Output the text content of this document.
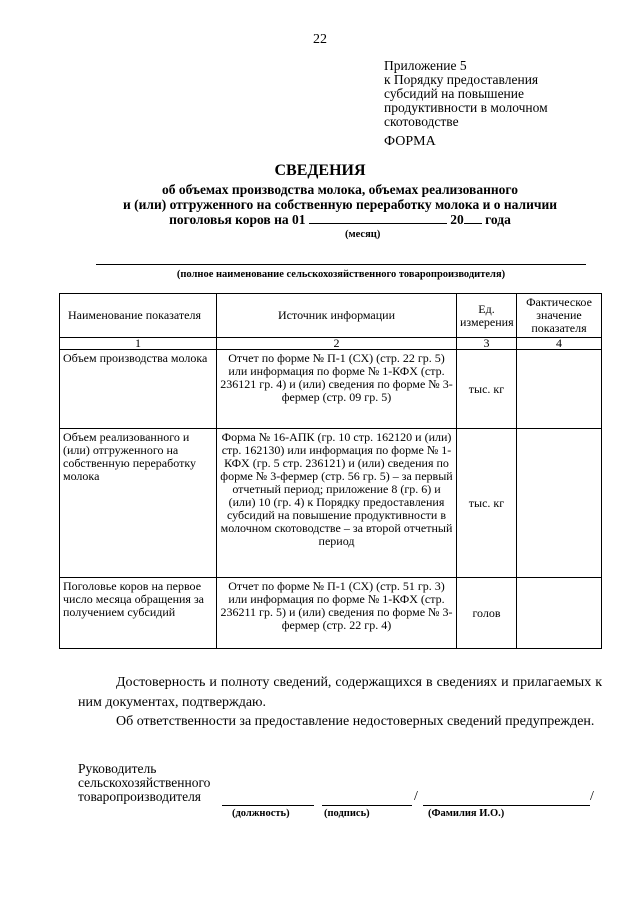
22
Приложение 5
к Порядку предоставления
субсидий на повышение
продуктивности в молочном
скотоводстве
ФОРМА
СВЕДЕНИЯ
об объемах производства молока, объемах реализованного
и (или) отгруженного на собственную переработку молока и о наличии
поголовья коров на 01	20 года
(месяц)
(полное наименование сельскохозяйственного товаропроизводителя)
Наименование показателя	Источник информации	Ед. измерения	Фактическое значение показателя
1	2	3	4
Объем производства молока	Отчет по форме № П-1 (СХ) (стр. 22 гр. 5) или информация по форме № 1-КФХ (стр. 236121 гр. 4) и (или) сведения по форме № 3-фермер (стр. 09 гр. 5)	тыс. кг	
Объем реализованного и (или) отгруженного на собственную переработку молока	Форма № 16-АПК (гр. 10 стр. 162120 и (или) стр. 162130) или информация по форме № 1-КФХ (гр. 5 стр. 236121) и (или) сведения по форме № 3-фермер (стр. 56 гр. 5) – за первый отчетный период; приложение 8 (гр. 6) и (или) 10 (гр. 4) к Порядку предоставления субсидий на повышение продуктивности в молочном скотоводстве – за второй отчетный период	тыс. кг	
Поголовье коров на первое число месяца обращения за получением субсидий	Отчет по форме № П-1 (СХ) (стр. 51 гр. 3) или информация по форме № 1-КФХ (стр. 236211 гр. 5) и (или) сведения по форме № 3-фермер (стр. 22 гр. 4)	голов	
Достоверность и полноту сведений, содержащихся в сведениях и прилагаемых к ним документах, подтверждаю.
Об ответственности за предоставление недостоверных сведений предупрежден.
Руководитель
сельскохозяйственного
товаропроизводителя	/	/
(должность)	(подпись)	(Фамилия И.О.)
